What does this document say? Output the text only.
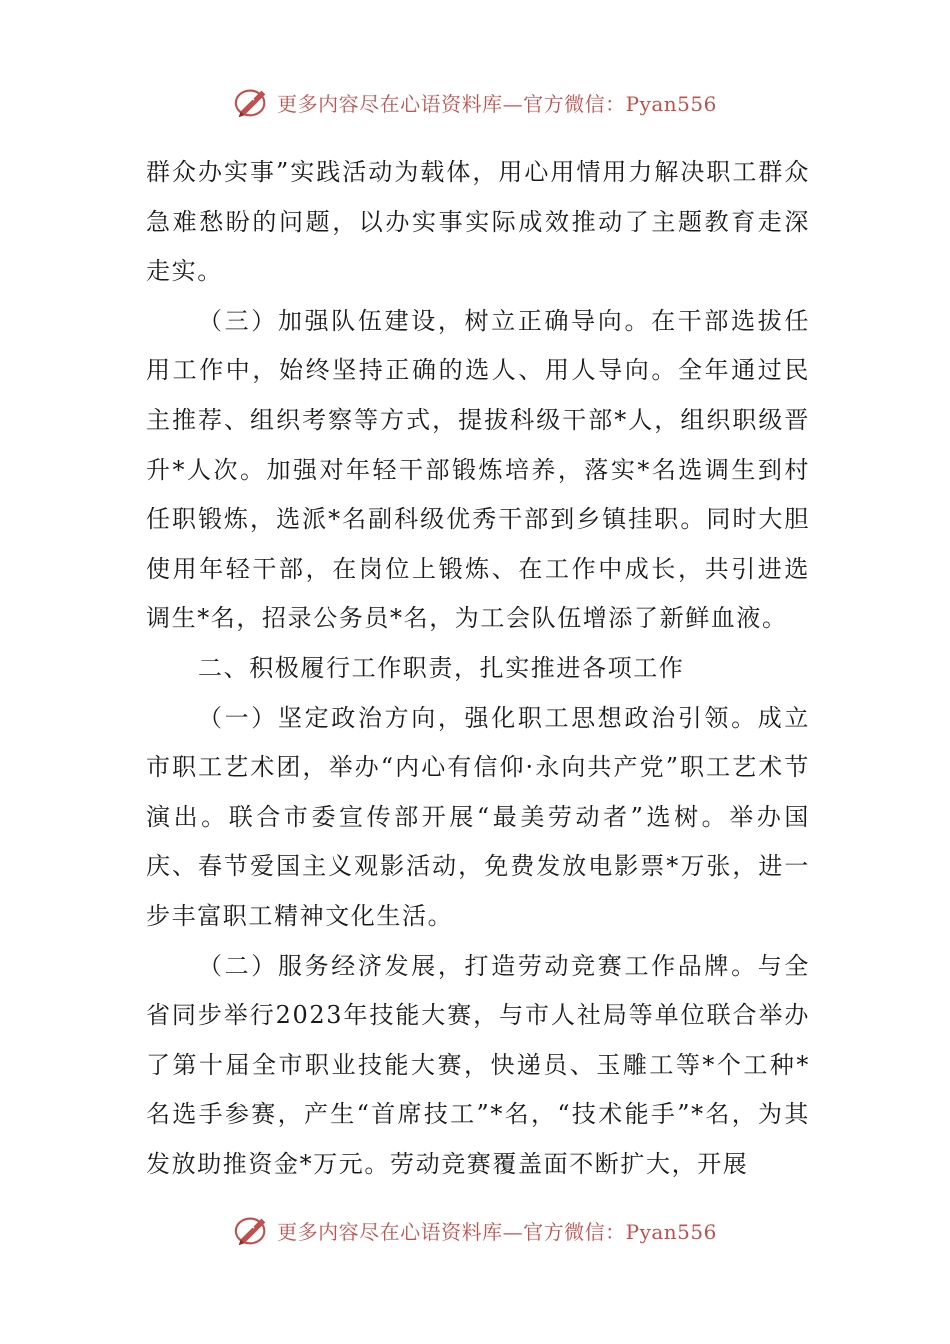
更多内容尽在心语资料库—官方微信：Pyan556

群众办实事”实践活动为载体，用心用情用力解决职工群众急难愁盼的问题，以办实事实际成效推动了主题教育走深走实。

（三）加强队伍建设，树立正确导向。在干部选拔任用工作中，始终坚持正确的选人、用人导向。全年通过民主推荐、组织考察等方式，提拔科级干部*人，组织职级晋升*人次。加强对年轻干部锻炼培养，落实*名选调生到村任职锻炼，选派*名副科级优秀干部到乡镇挂职。同时大胆使用年轻干部，在岗位上锻炼、在工作中成长，共引进选调生*名，招录公务员*名，为工会队伍增添了新鲜血液。

二、积极履行工作职责，扎实推进各项工作

（一）坚定政治方向，强化职工思想政治引领。成立市职工艺术团，举办“内心有信仰·永向共产党”职工艺术节演出。联合市委宣传部开展“最美劳动者”选树。举办国庆、春节爱国主义观影活动，免费发放电影票*万张，进一步丰富职工精神文化生活。

（二）服务经济发展，打造劳动竞赛工作品牌。与全省同步举行2023年技能大赛，与市人社局等单位联合举办了第十届全市职业技能大赛，快递员、玉雕工等*个工种*名选手参赛，产生“首席技工”*名，“技术能手”*名，为其发放助推资金*万元。劳动竞赛覆盖面不断扩大，开展

更多内容尽在心语资料库—官方微信：Pyan556
